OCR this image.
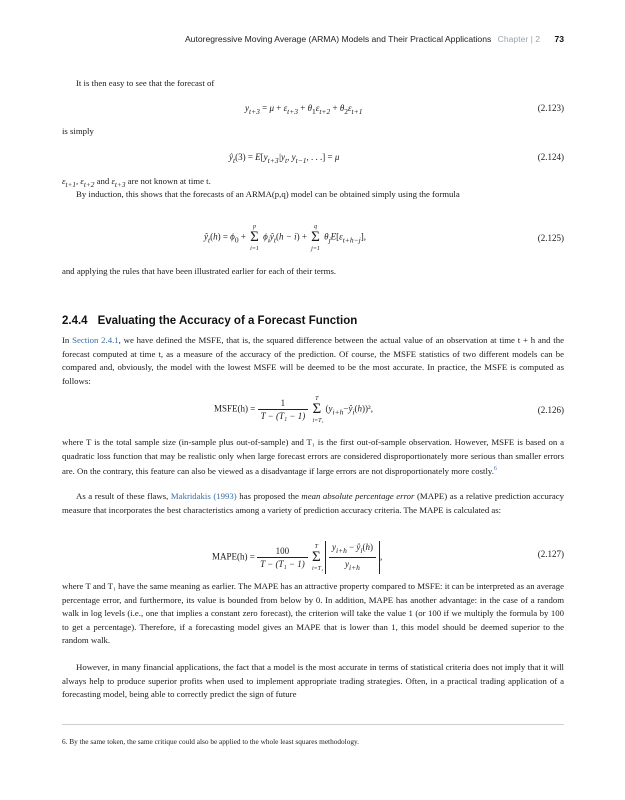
Autoregressive Moving Average (ARMA) Models and Their Practical Applications Chapter | 2 73

It is then easy to see that the forecast of

$y_{t+3} = \mu + \varepsilon_{t+3} + \theta_1\varepsilon_{t+2} + \theta_2\varepsilon_{t+1}$	(2.123)

is simply

$ŷ_t(3) = E[y_{t+3}|y_t$, $y_{t-1}$, . . .] = μ	(2.124)

$\varepsilon_{t+1}$, $\varepsilon_{t+2}$ and $\varepsilon_{t+3}$ are not known at time t.

By induction, this shows that the forecasts of an ARMA(p,q) model can be obtained simply using the formula

$ŷ_t(h) = \phi_0$ +
p
Σ
i=1
$\phi_iŷ_t(h - i)$ +
q
Σ
j=1
$\theta_jE[\varepsilon_{t+h-j}]$,	(2.125)

and applying the rules that have been illustrated earlier for each of their terms.

2.4.4 Evaluating the Accuracy of a Forecast Function

In Section 2.4.1, we have defined the MSFE, that is, the squared difference between the actual value of an observation at time t + h and the forecast computed at time t, as a measure of the accuracy of the prediction. Of course, the MSFE statistics of two different models can be compared and, obviously, the model with the lowest MSFE will be deemed to be the most accurate. In practice, the MSFE is computed as follows:

MSFE(h) = $\frac{1}{\text{T − (T₁ − 1)}}$
	T
Σ
i=T₁
$(y_{i+h}-ŷ_i(h))^2$,	(2.126)

where T is the total sample size (in-sample plus out-of-sample) and T₁ is the first out-of-sample observation. However, MSFE is based on a quadratic loss function that may be realistic only when large forecast errors are considered disproportionately more serious than smaller errors are. On the contrary, this feature can also be viewed as a disadvantage if large errors are not disproportionately more costly.$^6$

As a result of these flaws, Makridakis (1993) has proposed the mean absolute percentage error (MAPE) as a relative prediction accuracy measure that incorporates the best characteristics among a variety of prediction accuracy criteria. The MAPE is calculated as:

MAPE(h) = $\frac{100}{\text{T − (T₁ − 1)}}$
	T
Σ
i=T₁
$\frac{y_{i+h} - ŷ_i(h)}{y_{i+h}}$ ,	(2.127)

where T and T₁ have the same meaning as earlier. The MAPE has an attractive property compared to MSFE: it can be interpreted as an average percentage error, and furthermore, its value is bounded from below by 0. In addition, MAPE has another advantage: in the case of a random walk in log levels (i.e., one that implies a constant zero forecast), the criterion will take the value 1 (or 100 if we multiply the formula by 100 to get a percentage). Therefore, if a forecasting model gives an MAPE that is lower than 1, this model should be deemed superior to the random walk.

However, in many financial applications, the fact that a model is the most accurate in terms of statistical criteria does not imply that it will always help to produce superior profits when used to implement appropriate trading strategies. Often, in a practical trading application of a forecasting model, being able to correctly predict the sign of future

6. By the same token, the same critique could also be applied to the whole least squares methodology.
